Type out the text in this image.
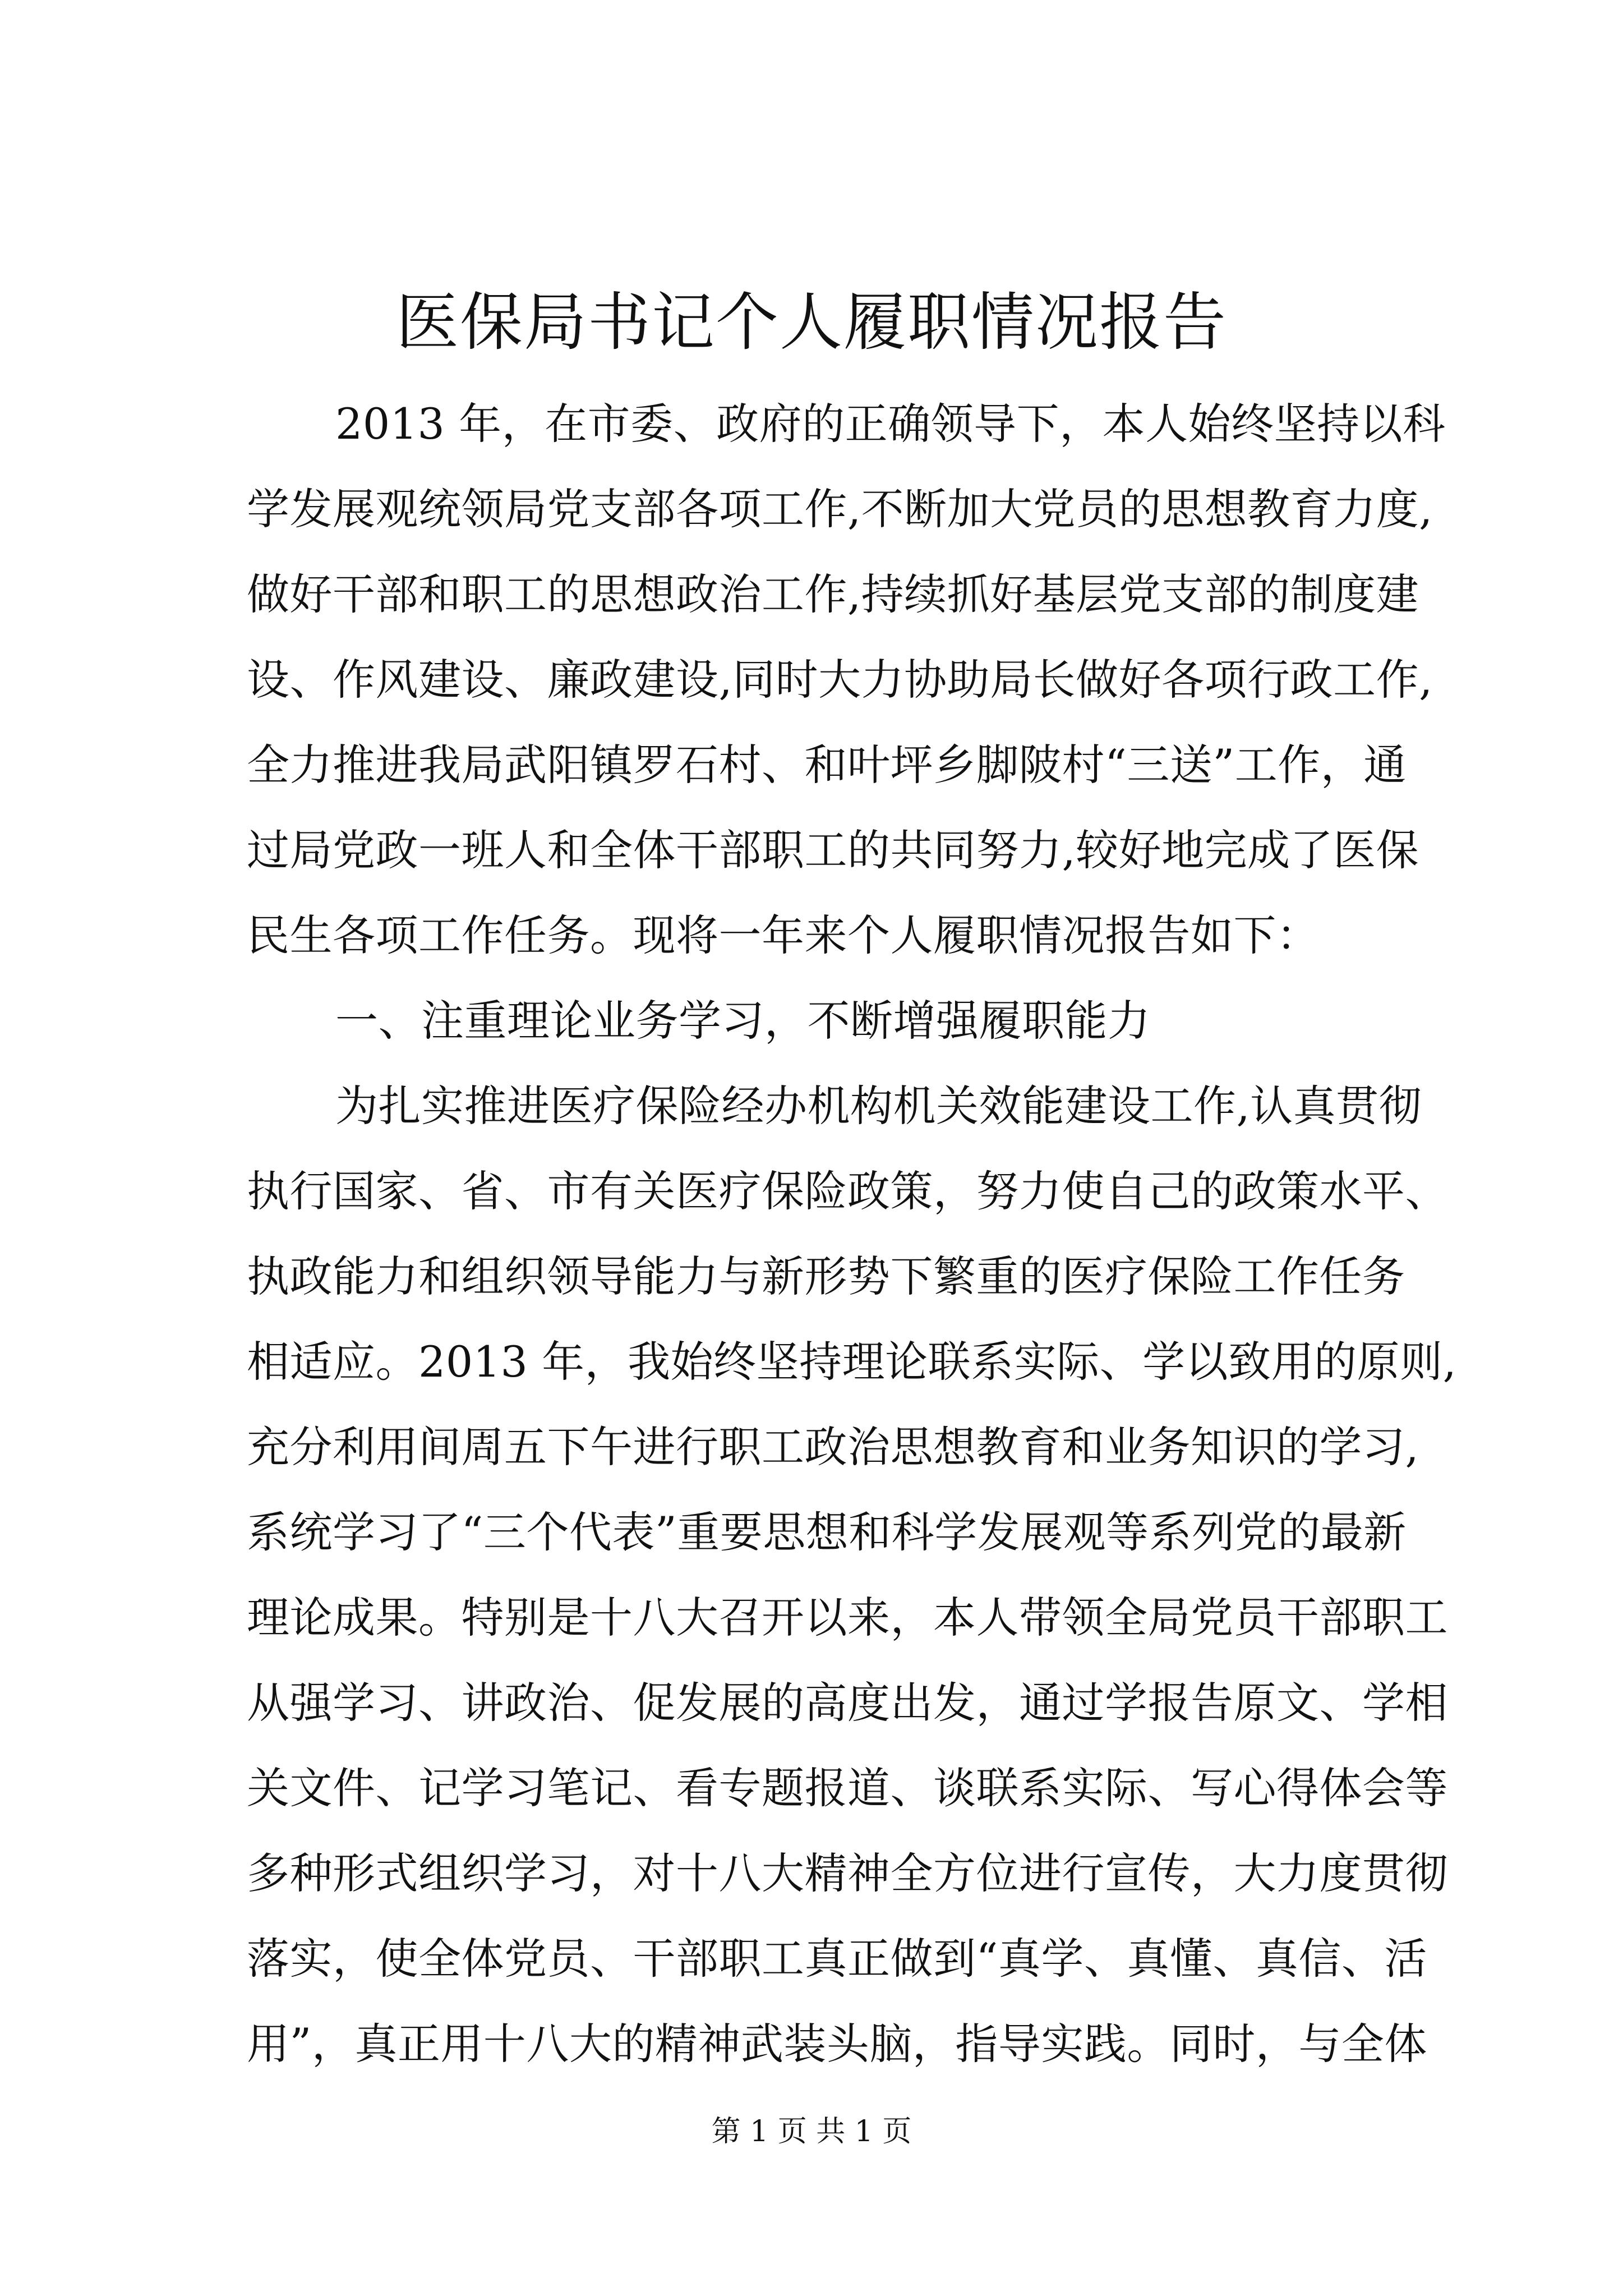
医保局书记个人履职情况报告
2013 年，在市委、政府的正确领导下，本人始终坚持以科
学发展观统领局党支部各项工作,不断加大党员的思想教育力度,
做好干部和职工的思想政治工作,持续抓好基层党支部的制度建
设、作风建设、廉政建设,同时大力协助局长做好各项行政工作,
全力推进我局武阳镇罗石村、和叶坪乡脚陂村“三送”工作，通
过局党政一班人和全体干部职工的共同努力,较好地完成了医保
民生各项工作任务。现将一年来个人履职情况报告如下：
一、注重理论业务学习，不断增强履职能力
为扎实推进医疗保险经办机构机关效能建设工作,认真贯彻
执行国家、省、市有关医疗保险政策，努力使自己的政策水平、
执政能力和组织领导能力与新形势下繁重的医疗保险工作任务
相适应。2013 年，我始终坚持理论联系实际、学以致用的原则,
充分利用间周五下午进行职工政治思想教育和业务知识的学习,
系统学习了“三个代表”重要思想和科学发展观等系列党的最新
理论成果。特别是十八大召开以来，本人带领全局党员干部职工
从强学习、讲政治、促发展的高度出发，通过学报告原文、学相
关文件、记学习笔记、看专题报道、谈联系实际、写心得体会等
多种形式组织学习，对十八大精神全方位进行宣传，大力度贯彻
落实，使全体党员、干部职工真正做到“真学、真懂、真信、活
用”，真正用十八大的精神武装头脑，指导实践。同时，与全体
第 1 页 共 1 页
